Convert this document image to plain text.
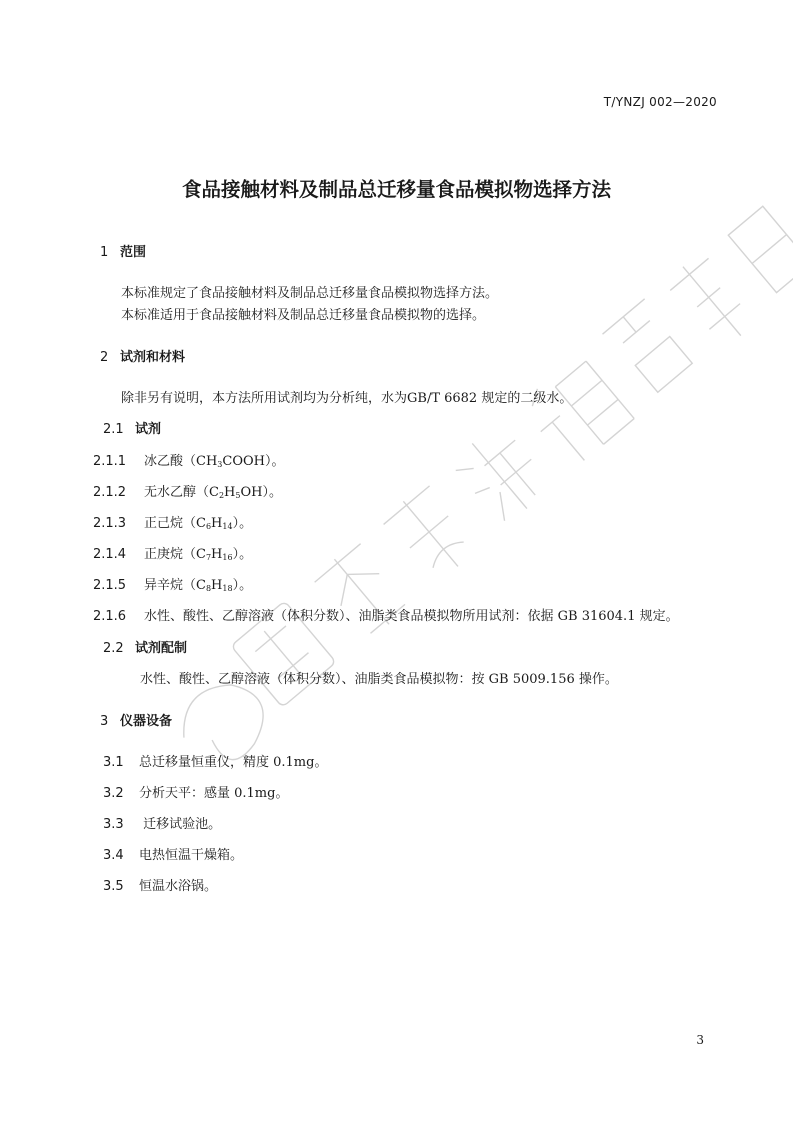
T/YNZJ 002—2020
食品接触材料及制品总迁移量食品模拟物选择方法
1 范围
本标准规定了食品接触材料及制品总迁移量食品模拟物选择方法。
本标准适用于食品接触材料及制品总迁移量食品模拟物的选择。
2 试剂和材料
除非另有说明，本方法所用试剂均为分析纯，水为GB/T 6682 规定的二级水。
2.1 试剂
2.1.1 冰乙酸$(CH_3COOH)$。
2.1.2 无水乙醇$(C_2H_5OH)$。
2.1.3 正己烷$(C_6H_{14})$。
2.1.4 正庚烷$(C_7H_{16})$。
2.1.5 异辛烷$(C_8H_{18})$。
2.1.6 水性、酸性、乙醇溶液（体积分数）、油脂类食品模拟物所用试剂：依据 GB 31604.1 规定。
2.2 试剂配制
水性、酸性、乙醇溶液（体积分数）、油脂类食品模拟物：按 GB 5009.156 操作。
3 仪器设备
3.1 总迁移量恒重仪，精度 0.1mg。
3.2 分析天平：感量 0.1mg。
3.3 迁移试验池。
3.4 电热恒温干燥箱。
3.5 恒温水浴锅。
3
